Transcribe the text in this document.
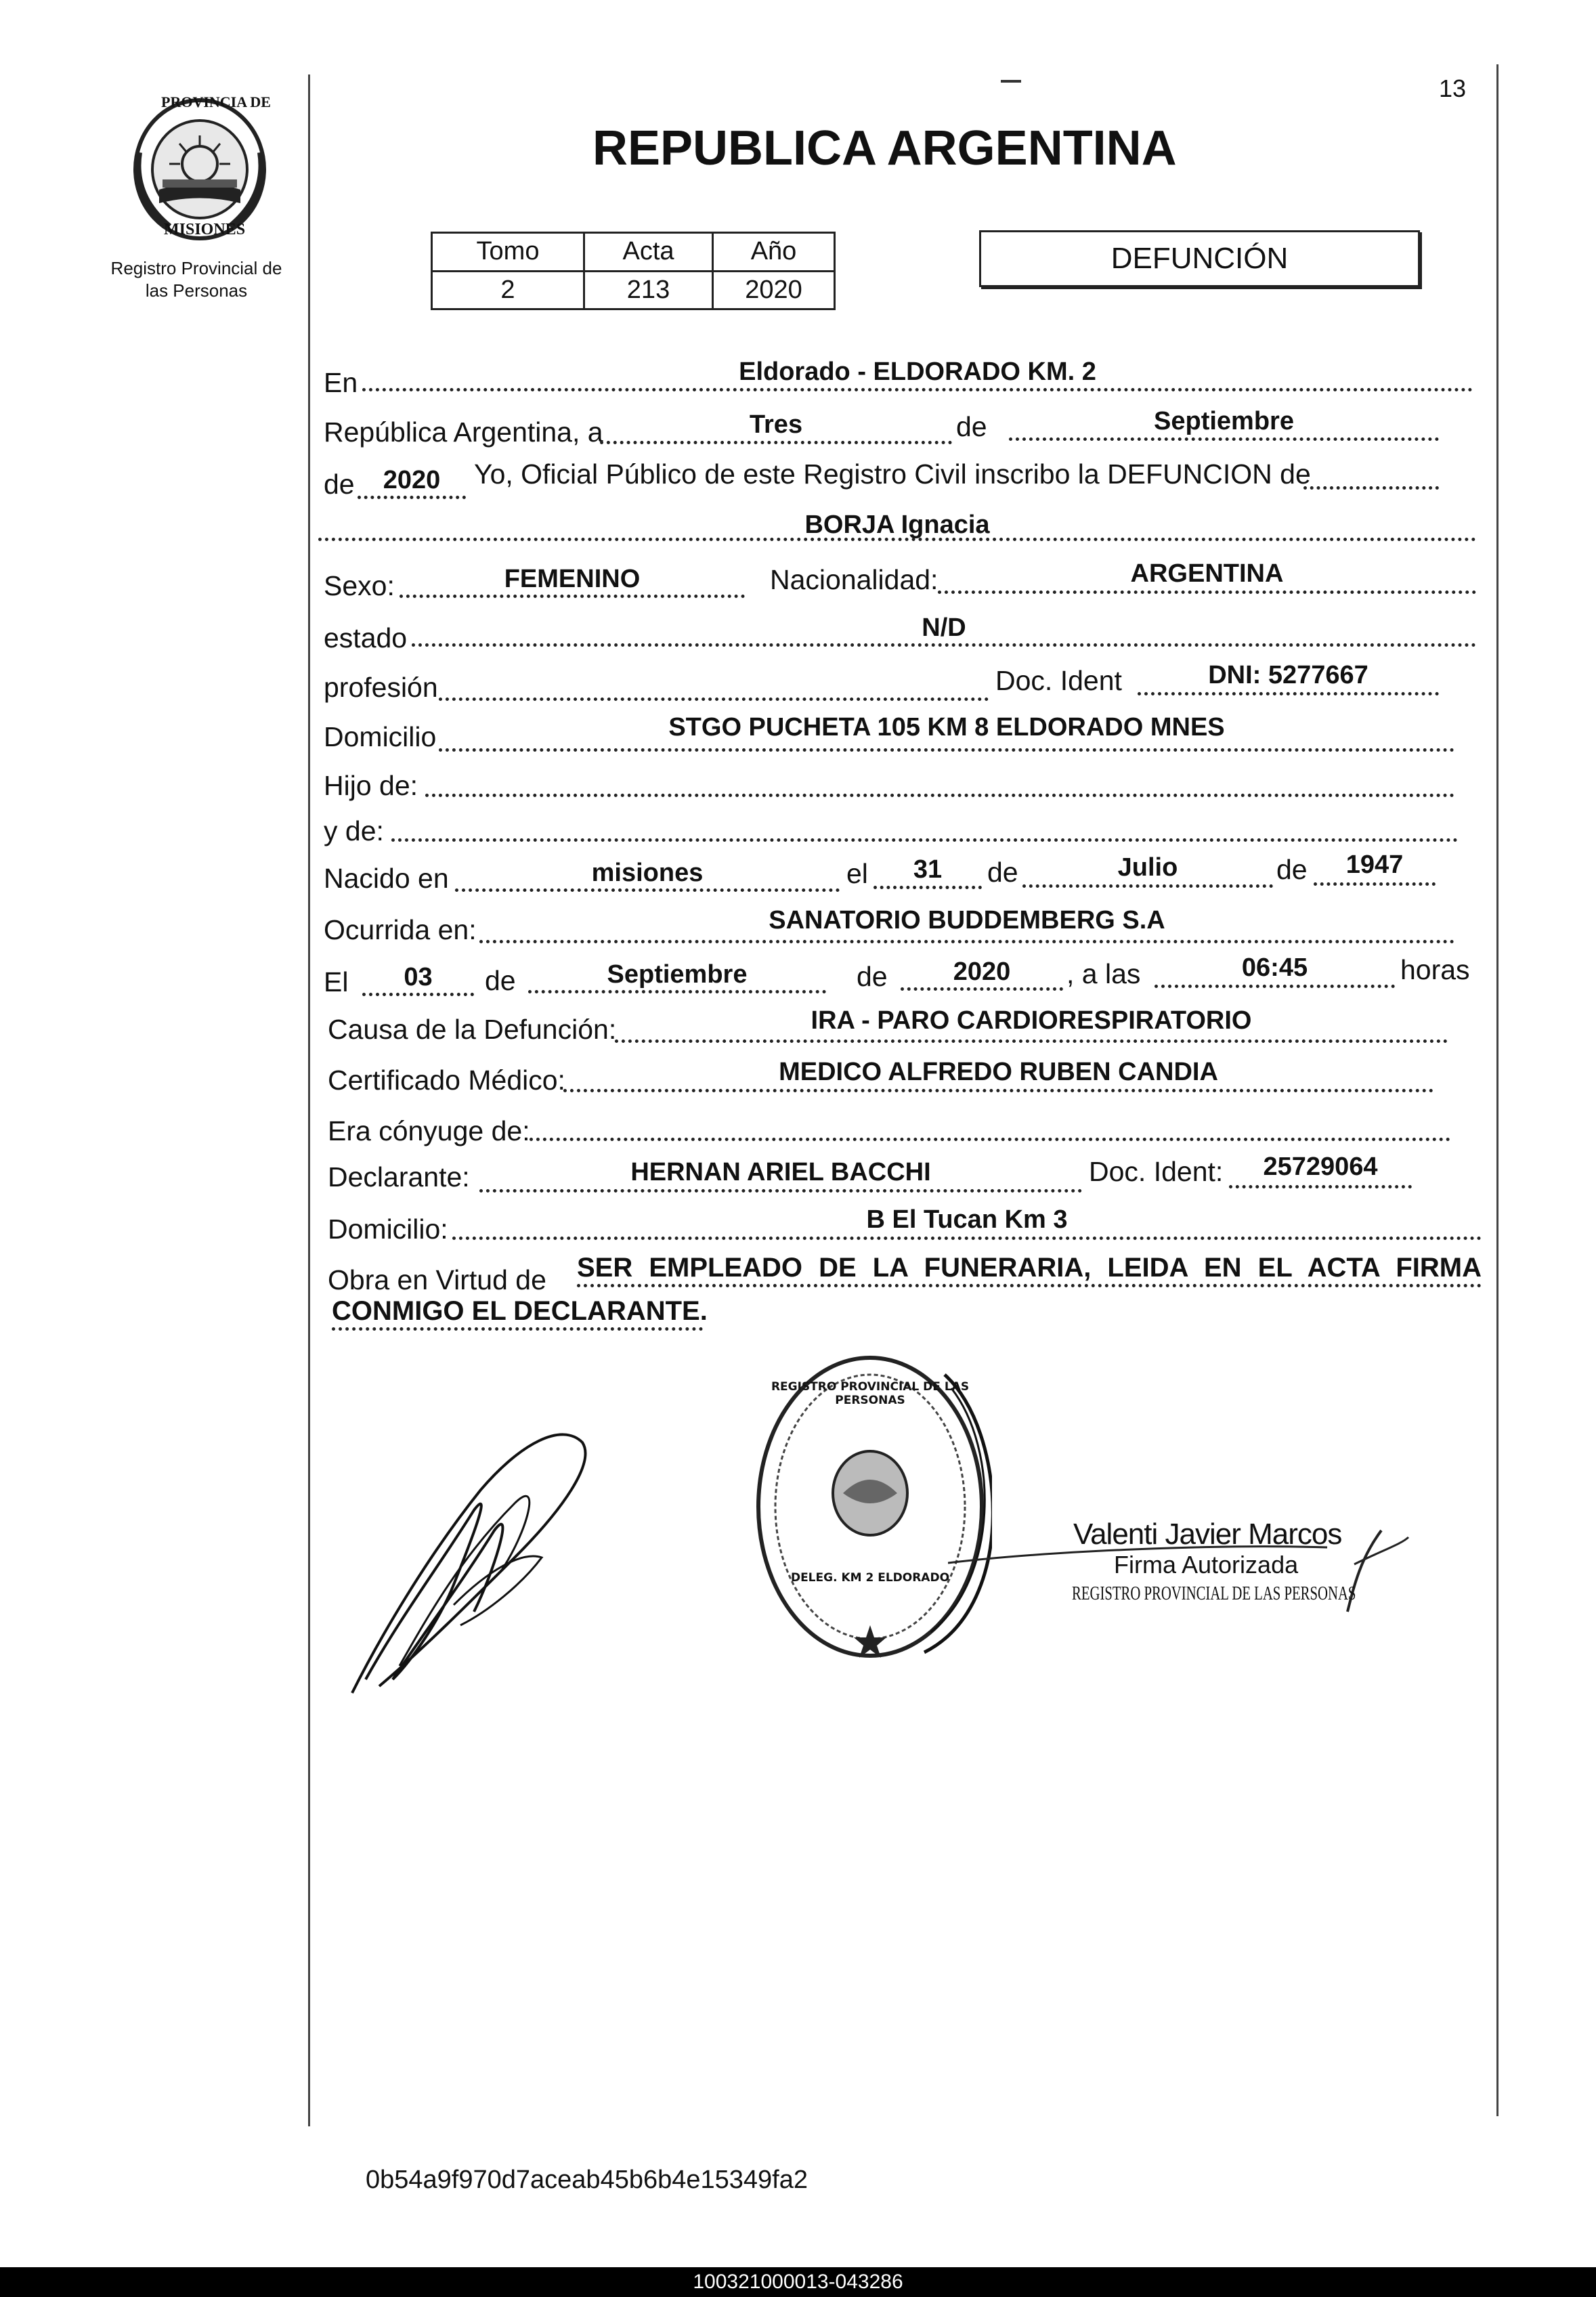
13
PROVINCIA DE
MISIONES
Registro Provincial de
las Personas
REPUBLICA ARGENTINA
Tomo	Acta	Año
2	213	2020
DEFUNCIÓN
En	Eldorado - ELDORADO KM. 2
República Argentina, a	Tres	de	Septiembre
de	2020	Yo, Oficial Público de este Registro Civil inscribo la DEFUNCION de
BORJA Ignacia
Sexo:	FEMENINO	Nacionalidad:	ARGENTINA
estado	N/D
profesión	Doc. Ident	DNI: 5277667
Domicilio	STGO PUCHETA 105 KM 8 ELDORADO MNES
Hijo de:
y de:
Nacido en	misiones	el	31	de	Julio	de	1947
Ocurrida en:	SANATORIO BUDDEMBERG S.A
El	03	de	Septiembre	de	2020	, a las	06:45	horas
Causa de la Defunción:	IRA - PARO CARDIORESPIRATORIO
Certificado Médico:	MEDICO ALFREDO RUBEN CANDIA
Era cónyuge de:
Declarante:	HERNAN ARIEL BACCHI	Doc. Ident:	25729064
Domicilio:	B El Tucan Km 3
Obra en Virtud de SER EMPLEADO DE LA FUNERARIA, LEIDA EN EL ACTA FIRMA
CONMIGO EL DECLARANTE.
REGISTRO PROVINCIAL DE LAS PERSONAS
DELEG. KM 2 ELDORADO
Valenti Javier Marcos
Firma Autorizada
REGISTRO PROVINCIAL DE LAS PERSONAS
0b54a9f970d7aceab45b6b4e15349fa2
100321000013-043286
